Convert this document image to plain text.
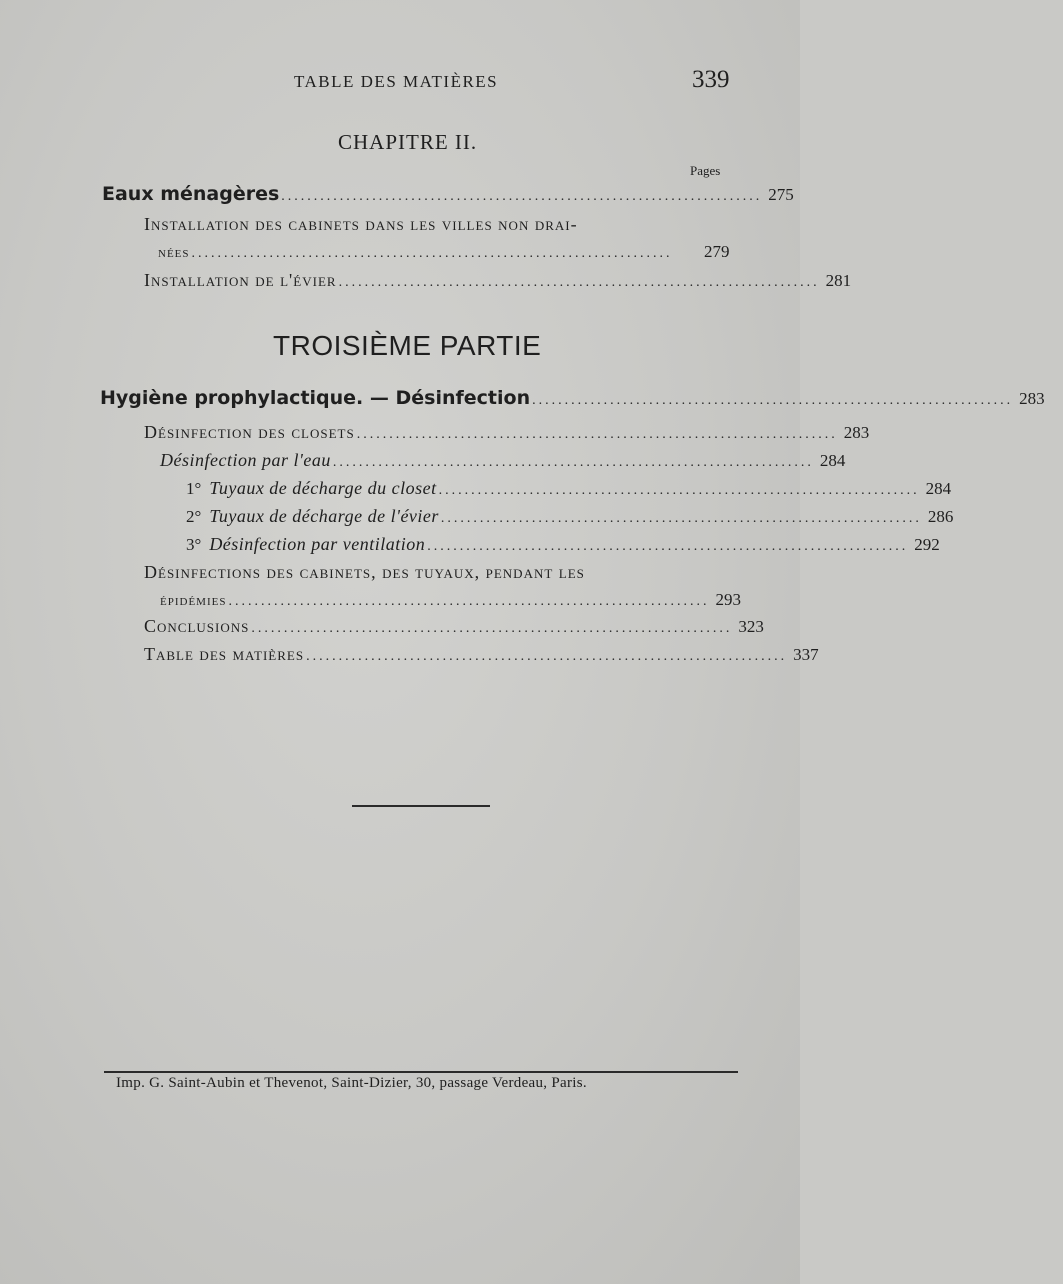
TABLE DES MATIÈRES	339
CHAPITRE II.
Pages
Eaux ménagères .......................................................................... 275
Installation des cabinets dans les villes non drai-
nées ..........................................................................	279
Installation de l'évier .......................................................................... 281
TROISIÈME PARTIE
Hygiène prophylactique. — Désinfection .......................................................................... 283
Désinfection des closets .......................................................................... 283
Désinfection par l'eau .......................................................................... 284
1° Tuyaux de décharge du closet .......................................................................... 284
2° Tuyaux de décharge de l'évier .......................................................................... 286
3° Désinfection par ventilation .......................................................................... 292
Désinfections des cabinets, des tuyaux, pendant les
épidémies .......................................................................... 293
Conclusions .......................................................................... 323
Table des matières .......................................................................... 337
Imp. G. Saint-Aubin et Thevenot, Saint-Dizier, 30, passage Verdeau, Paris.
